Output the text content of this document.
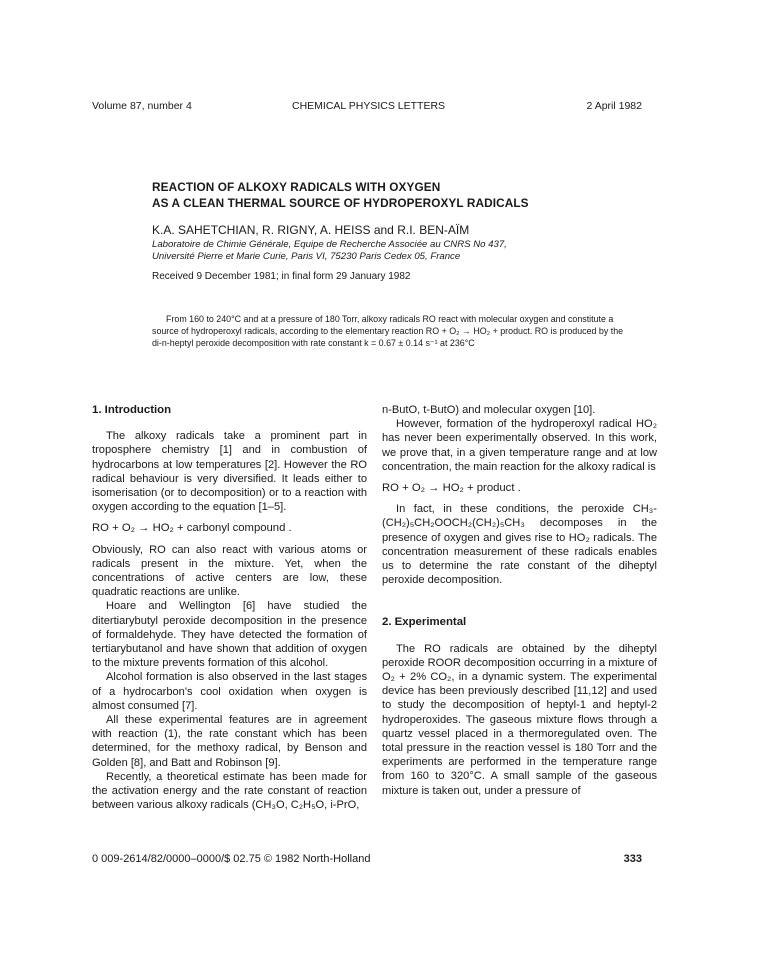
Volume 87, number 4	CHEMICAL PHYSICS LETTERS	2 April 1982
REACTION OF ALKOXY RADICALS WITH OXYGEN
AS A CLEAN THERMAL SOURCE OF HYDROPEROXYL RADICALS
K.A. SAHETCHIAN, R. RIGNY, A. HEISS and R.I. BEN-AÏM
Laboratoire de Chimie Générale, Equipe de Recherche Associée au CNRS No 437,
Université Pierre et Marie Curie, Paris VI, 75230 Paris Cedex 05, France
Received 9 December 1981; in final form 29 January 1982
From 160 to 240°C and at a pressure of 180 Torr, alkoxy radicals RO react with molecular oxygen and constitute a
source of hydroperoxyl radicals, according to the elementary reaction RO + O₂ → HO₂ + product. RO is produced by the
di-n-heptyl peroxide decomposition with rate constant k = 0.67 ± 0.14 s⁻¹ at 236°C
1. Introduction

The alkoxy radicals take a prominent part in troposphere chemistry [1] and in combustion of hydrocarbons at low temperatures [2]. However the RO radical behaviour is very diversified. It leads either to isomerisation (or to decomposition) or to a reaction with oxygen according to the equation [1–5].

RO + O₂ → HO₂ + carbonyl compound .

Obviously, RO can also react with various atoms or radicals present in the mixture. Yet, when the concentrations of active centers are low, these quadratic reactions are unlike.

Hoare and Wellington [6] have studied the ditertiarybutyl peroxide decomposition in the presence of formaldehyde. They have detected the formation of tertiarybutanol and have shown that addition of oxygen to the mixture prevents formation of this alcohol.

Alcohol formation is also observed in the last stages of a hydrocarbon's cool oxidation when oxygen is almost consumed [7].

All these experimental features are in agreement with reaction (1), the rate constant which has been determined, for the methoxy radical, by Benson and Golden [8], and Batt and Robinson [9].

Recently, a theoretical estimate has been made for the activation energy and the rate constant of reaction between various alkoxy radicals (CH₃O, C₂H₅O, i-PrO,

n-ButO, t-ButO) and molecular oxygen [10].

However, formation of the hydroperoxyl radical HO₂ has never been experimentally observed. In this work, we prove that, in a given temperature range and at low concentration, the main reaction for the alkoxy radical is

RO + O₂ → HO₂ + product .

In fact, in these conditions, the peroxide CH₃-(CH₂)₅CH₂OOCH₂(CH₂)₅CH₃ decomposes in the presence of oxygen and gives rise to HO₂ radicals. The concentration measurement of these radicals enables us to determine the rate constant of the diheptyl peroxide decomposition.

2. Experimental

The RO radicals are obtained by the diheptyl peroxide ROOR decomposition occurring in a mixture of O₂ + 2% CO₂, in a dynamic system. The experimental device has been previously described [11,12] and used to study the decomposition of heptyl-1 and heptyl-2 hydroperoxides. The gaseous mixture flows through a quartz vessel placed in a thermoregulated oven. The total pressure in the reaction vessel is 180 Torr and the experiments are performed in the temperature range from 160 to 320°C. A small sample of the gaseous mixture is taken out, under a pressure of

0 009-2614/82/0000–0000/$ 02.75 © 1982 North-Holland	333
